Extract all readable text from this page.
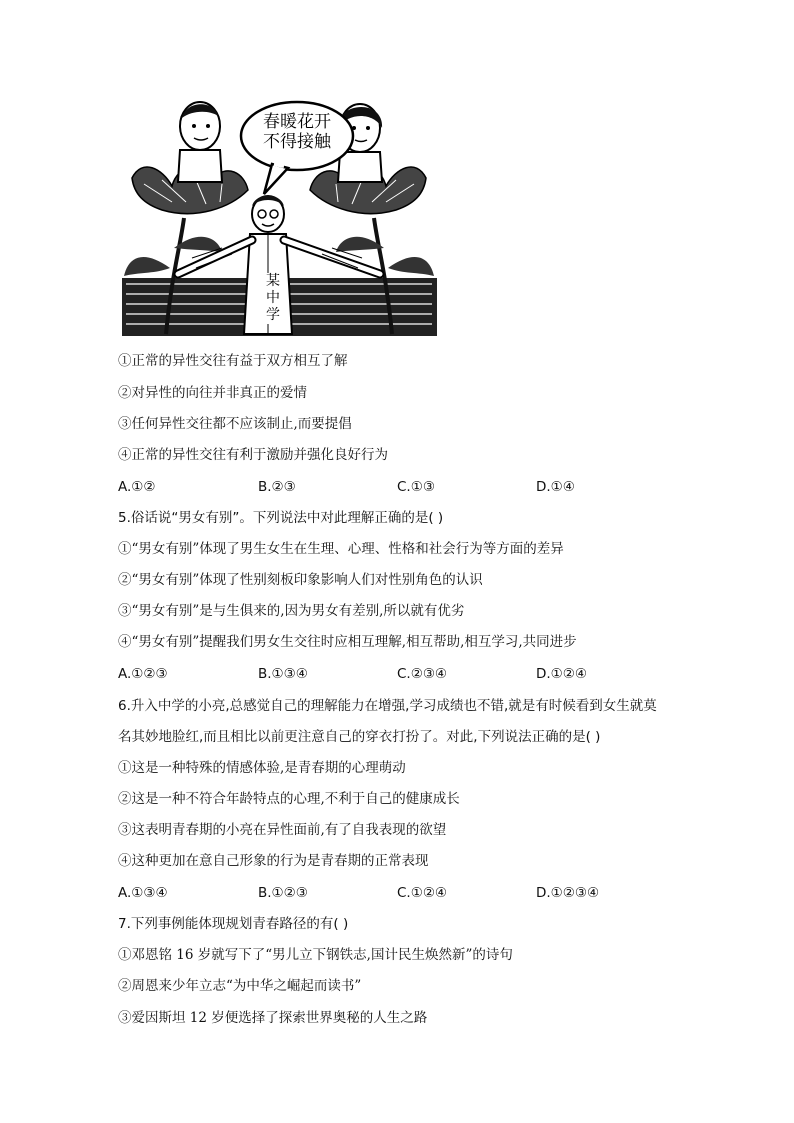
春暖花开
不得接触
某
中
学
①正常的异性交往有益于双方相互了解
②对异性的向往并非真正的爱情
③任何异性交往都不应该制止,而要提倡
④正常的异性交往有利于激励并强化良好行为
A.①②	B.②③	C.①③	D.①④
5.俗话说“男女有别”。下列说法中对此理解正确的是( )
①“男女有别”体现了男生女生在生理、心理、性格和社会行为等方面的差异
②“男女有别”体现了性别刻板印象影响人们对性别角色的认识
③“男女有别”是与生俱来的,因为男女有差别,所以就有优劣
④“男女有别”提醒我们男女生交往时应相互理解,相互帮助,相互学习,共同进步
A.①②③	B.①③④	C.②③④	D.①②④
6.升入中学的小亮,总感觉自己的理解能力在增强,学习成绩也不错,就是有时候看到女生就莫
名其妙地脸红,而且相比以前更注意自己的穿衣打扮了。对此,下列说法正确的是( )
①这是一种特殊的情感体验,是青春期的心理萌动
②这是一种不符合年龄特点的心理,不利于自己的健康成长
③这表明青春期的小亮在异性面前,有了自我表现的欲望
④这种更加在意自己形象的行为是青春期的正常表现
A.①③④	B.①②③	C.①②④	D.①②③④
7.下列事例能体现规划青春路径的有( )
①邓恩铭 16 岁就写下了“男儿立下钢铁志,国计民生焕然新”的诗句
②周恩来少年立志“为中华之崛起而读书”
③爱因斯坦 12 岁便选择了探索世界奥秘的人生之路
